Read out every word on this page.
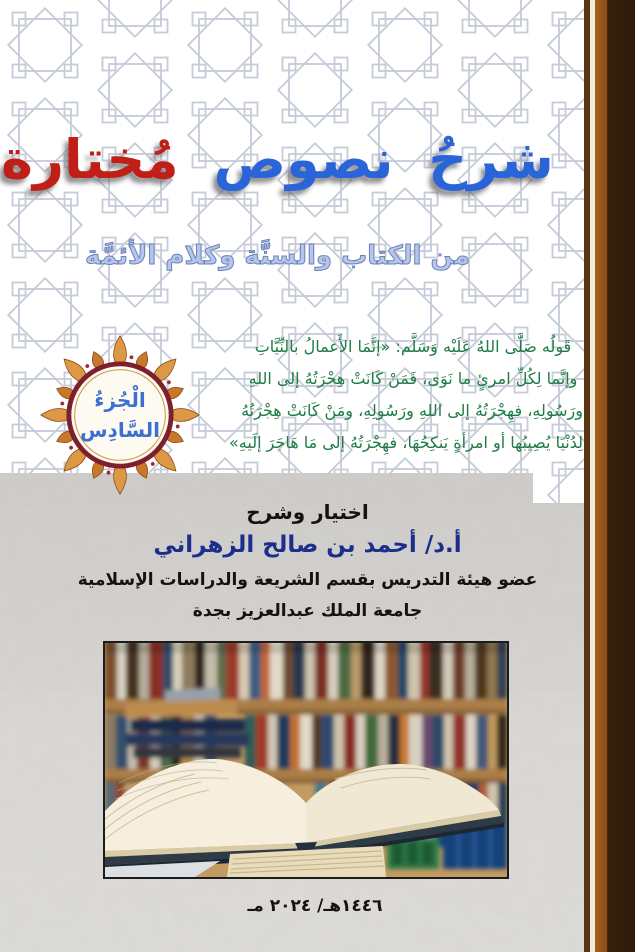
شرحُ نصوص مُختارة
من الكتاب والسنَّة وكلام الأئمَّة
قَولُه صَلَّى اللهُ عَلَيْه وَسَلَّم: «إنَّمَا الأَعمالُ بالنِّيَّاتِ
وإنَّما لِكُلِّ امرئٍ ما نَوَى، فَمَنْ كَانَتْ هِجْرَتُهُ إلى اللهِ
ورَسُولِهِ، فهِجْرَتُهُ إلى اللهِ ورَسُولِهِ، ومَنْ كَانَتْ هِجْرَتُهُ
لِدُنْيَا يُصِيبُها أو امرأةٍ يَنكِحُهَا، فهِجْرَتُهُ إلى مَا هَاجَرَ إلَيهِ»
الْجُزءُ
السَّادِس
اختيار وشرح
أ.د/ أحمد بن صالح الزهراني
عضو هيئة التدريس بقسم الشريعة والدراسات الإسلامية
جامعة الملك عبدالعزيز بجدة
١٤٤٦هـ/ ٢٠٢٤ مـ
